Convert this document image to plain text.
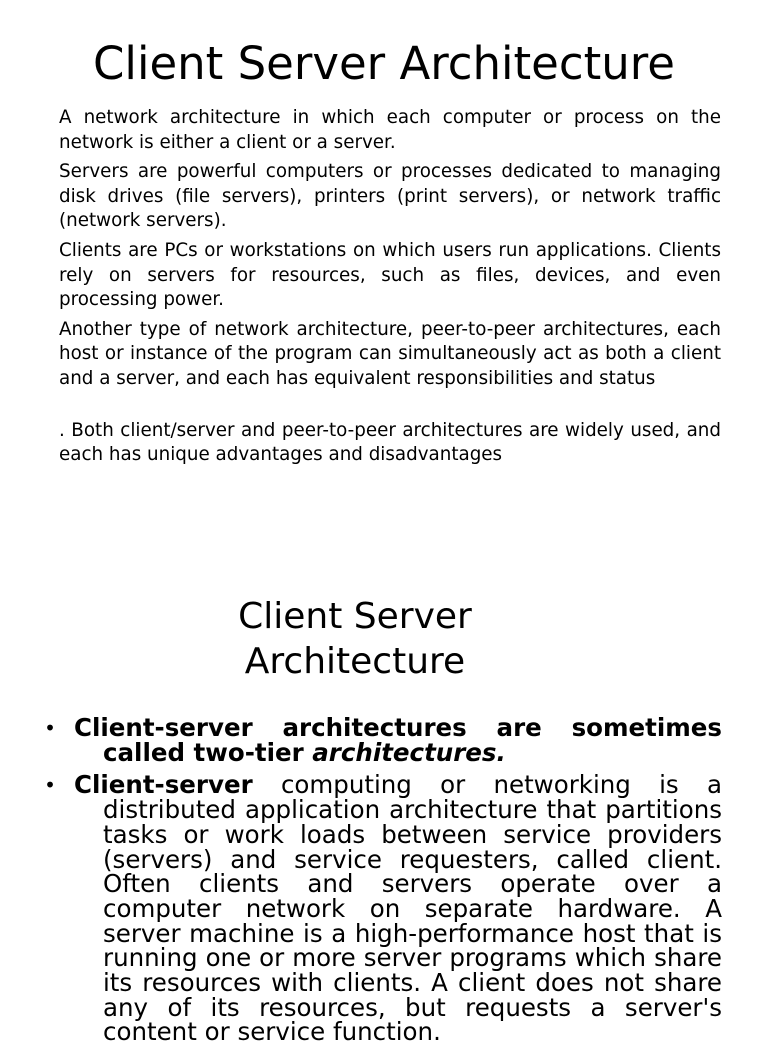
Client Server Architecture

A network architecture in which each computer or process on the network is either a client or a server.

Servers are powerful computers or processes dedicated to managing disk drives (file servers), printers (print servers), or network traffic (network servers).

Clients are PCs or workstations on which users run applications. Clients rely on servers for resources, such as files, devices, and even processing power.

Another type of network architecture, peer-to-peer architectures, each host or instance of the program can simultaneously act as both a client and a server, and each has equivalent responsibilities and status

. Both client/server and peer-to-peer architectures are widely used, and each has unique advantages and disadvantages

Client Server Architecture
• Client-server architectures are sometimes called two-tier architectures.
• Client-server computing or networking is a distributed application architecture that partitions tasks or work loads between service providers (servers) and service requesters, called client. Often clients and servers operate over a computer network on separate hardware. A server machine is a high-performance host that is running one or more server programs which share its resources with clients. A client does not share any of its resources, but requests a server's content or service function.
